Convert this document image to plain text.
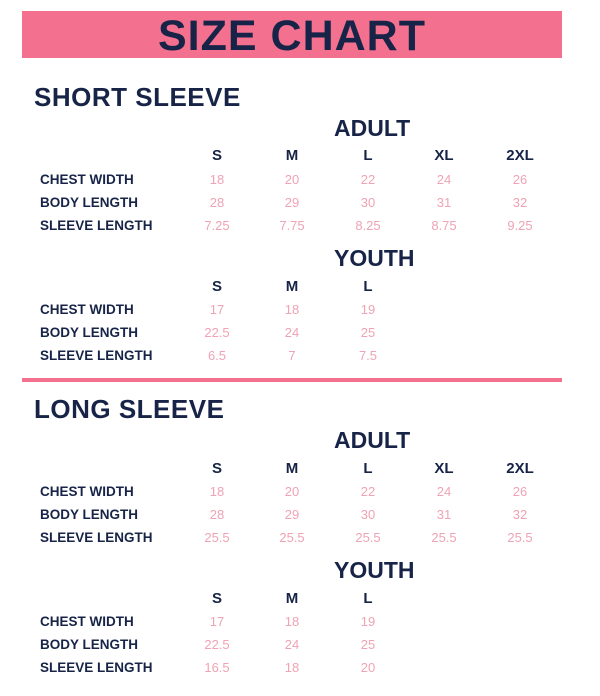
SIZE CHART
SHORT SLEEVE
ADULT
S	M	L	XL	2XL
CHEST WIDTH	18	20	22	24	26
BODY LENGTH	28	29	30	31	32
SLEEVE LENGTH	7.25	7.75	8.25	8.75	9.25
YOUTH
S	M	L
CHEST WIDTH	17	18	19
BODY LENGTH	22.5	24	25
SLEEVE LENGTH	6.5	7	7.5
LONG SLEEVE
ADULT
S	M	L	XL	2XL
CHEST WIDTH	18	20	22	24	26
BODY LENGTH	28	29	30	31	32
SLEEVE LENGTH	25.5	25.5	25.5	25.5	25.5
YOUTH
S	M	L
CHEST WIDTH	17	18	19
BODY LENGTH	22.5	24	25
SLEEVE LENGTH	16.5	18	20
